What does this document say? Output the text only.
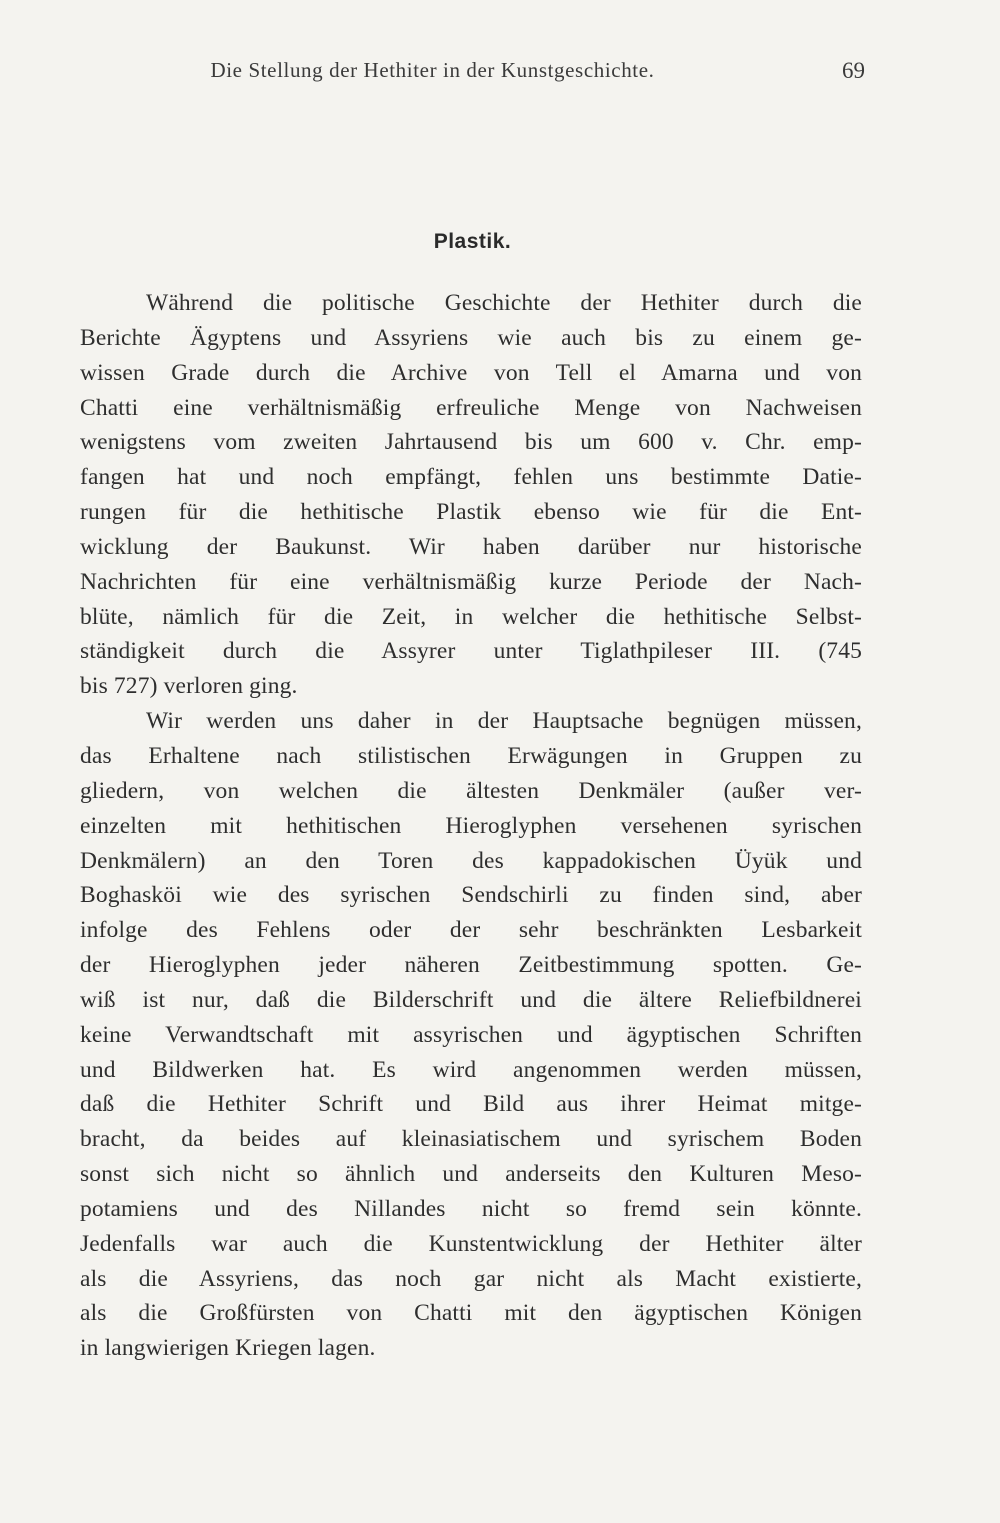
Die Stellung der Hethiter in der Kunstgeschichte.	69
Plastik.
Während die politische Geschichte der Hethiter durch die
Berichte Ägyptens und Assyriens wie auch bis zu einem ge-
wissen Grade durch die Archive von Tell el Amarna und von
Chatti eine verhältnismäßig erfreuliche Menge von Nachweisen
wenigstens vom zweiten Jahrtausend bis um 600 v. Chr. emp-
fangen hat und noch empfängt, fehlen uns bestimmte Datie-
rungen für die hethitische Plastik ebenso wie für die Ent-
wicklung der Baukunst. Wir haben darüber nur historische
Nachrichten für eine verhältnismäßig kurze Periode der Nach-
blüte, nämlich für die Zeit, in welcher die hethitische Selbst-
ständigkeit durch die Assyrer unter Tiglathpileser III. (745
bis 727) verloren ging.
Wir werden uns daher in der Hauptsache begnügen müssen,
das Erhaltene nach stilistischen Erwägungen in Gruppen zu
gliedern, von welchen die ältesten Denkmäler (außer ver-
einzelten mit hethitischen Hieroglyphen versehenen syrischen
Denkmälern) an den Toren des kappadokischen Üyük und
Boghasköi wie des syrischen Sendschirli zu finden sind, aber
infolge des Fehlens oder der sehr beschränkten Lesbarkeit
der Hieroglyphen jeder näheren Zeitbestimmung spotten. Ge-
wiß ist nur, daß die Bilderschrift und die ältere Reliefbildnerei
keine Verwandtschaft mit assyrischen und ägyptischen Schriften
und Bildwerken hat. Es wird angenommen werden müssen,
daß die Hethiter Schrift und Bild aus ihrer Heimat mitge-
bracht, da beides auf kleinasiatischem und syrischem Boden
sonst sich nicht so ähnlich und anderseits den Kulturen Meso-
potamiens und des Nillandes nicht so fremd sein könnte.
Jedenfalls war auch die Kunstentwicklung der Hethiter älter
als die Assyriens, das noch gar nicht als Macht existierte,
als die Großfürsten von Chatti mit den ägyptischen Königen
in langwierigen Kriegen lagen.
